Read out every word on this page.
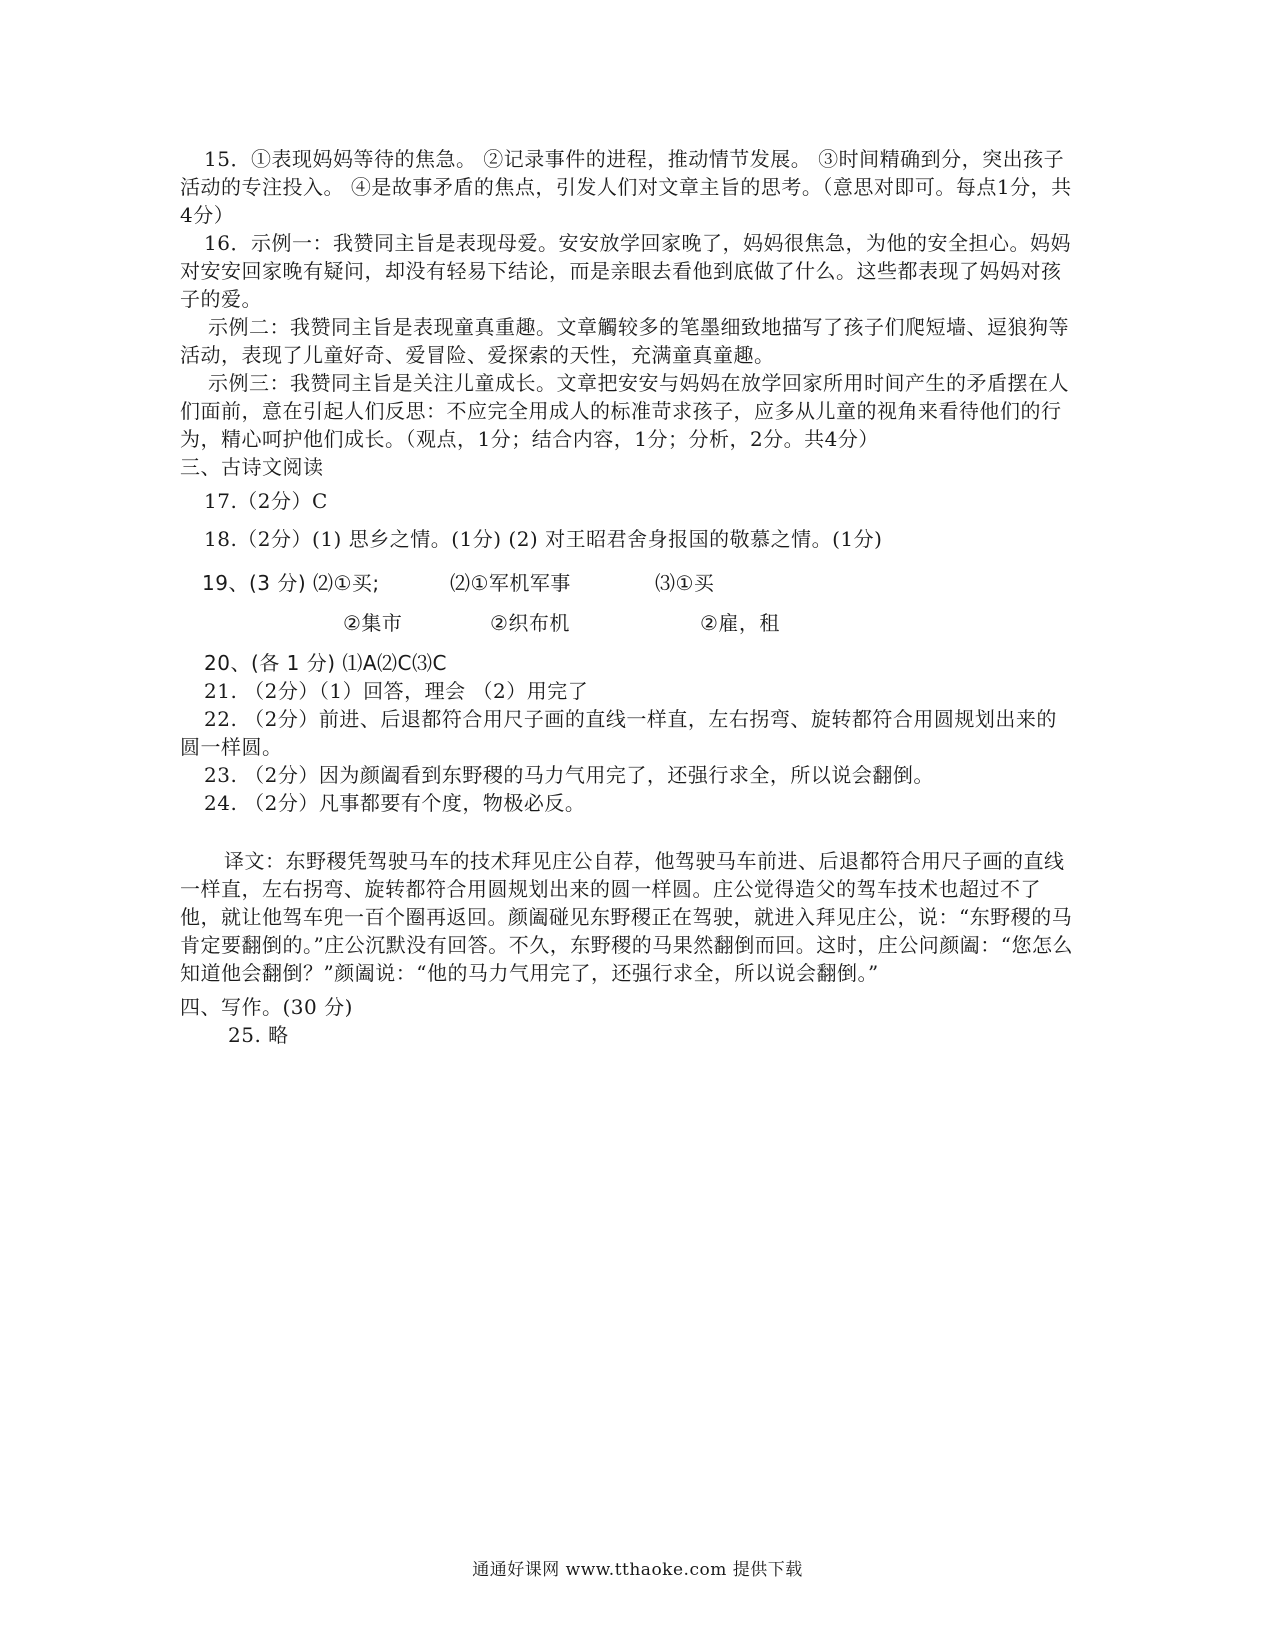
15．①表现妈妈等待的焦急。 ②记录事件的进程，推动情节发展。 ③时间精确到分，突出孩子活动的专注投入。 ④是故事矛盾的焦点，引发人们对文章主旨的思考。（意思对即可。每点1分，共4分）

16．示例一：我赞同主旨是表现母爱。安安放学回家晚了，妈妈很焦急，为他的安全担心。妈妈对安安回家晚有疑问，却没有轻易下结论，而是亲眼去看他到底做了什么。这些都表现了妈妈对孩子的爱。

示例二：我赞同主旨是表现童真重趣。文章觸较多的笔墨细致地描写了孩子们爬短墙、逗狼狗等活动，表现了儿童好奇、爱冒险、爱探索的天性，充满童真童趣。

示例三：我赞同主旨是关注儿童成长。文章把安安与妈妈在放学回家所用时间产生的矛盾摆在人们面前，意在引起人们反思：不应完全用成人的标准苛求孩子，应多从儿童的视角来看待他们的行为，精心呵护他们成长。（观点，1分；结合内容，1分；分析，2分。共4分）

三、古诗文阅读

17.（2分）C

18.（2分）(1) 思乡之情。(1分) (2) 对王昭君舍身报国的敬慕之情。(1分)

19、(3 分) ⑵①买;	⑵①军机军事	⑶①买
②集市	②织布机	②雇，租

20、(各 1 分) ⑴A⑵C⑶C

21. （2分）（1）回答，理会 （2）用完了

22. （2分）前进、后退都符合用尺子画的直线一样直，左右拐弯、旋转都符合用圆规划出来的圆一样圆。

23. （2分）因为颜阖看到东野稷的马力气用完了，还强行求全，所以说会翻倒。

24. （2分）凡事都要有个度，物极必反。

译文：东野稷凭驾驶马车的技术拜见庄公自荐，他驾驶马车前进、后退都符合用尺子画的直线一样直，左右拐弯、旋转都符合用圆规划出来的圆一样圆。庄公觉得造父的驾车技术也超过不了他，就让他驾车兜一百个圈再返回。颜阖碰见东野稷正在驾驶，就进入拜见庄公，说：“东野稷的马肯定要翻倒的。”庄公沉默没有回答。不久，东野稷的马果然翻倒而回。这时，庄公问颜阖：“您怎么知道他会翻倒？”颜阖说：“他的马力气用完了，还强行求全，所以说会翻倒。”

四、写作。(30 分)

25. 略

通通好课网 www.tthaoke.com 提供下载
